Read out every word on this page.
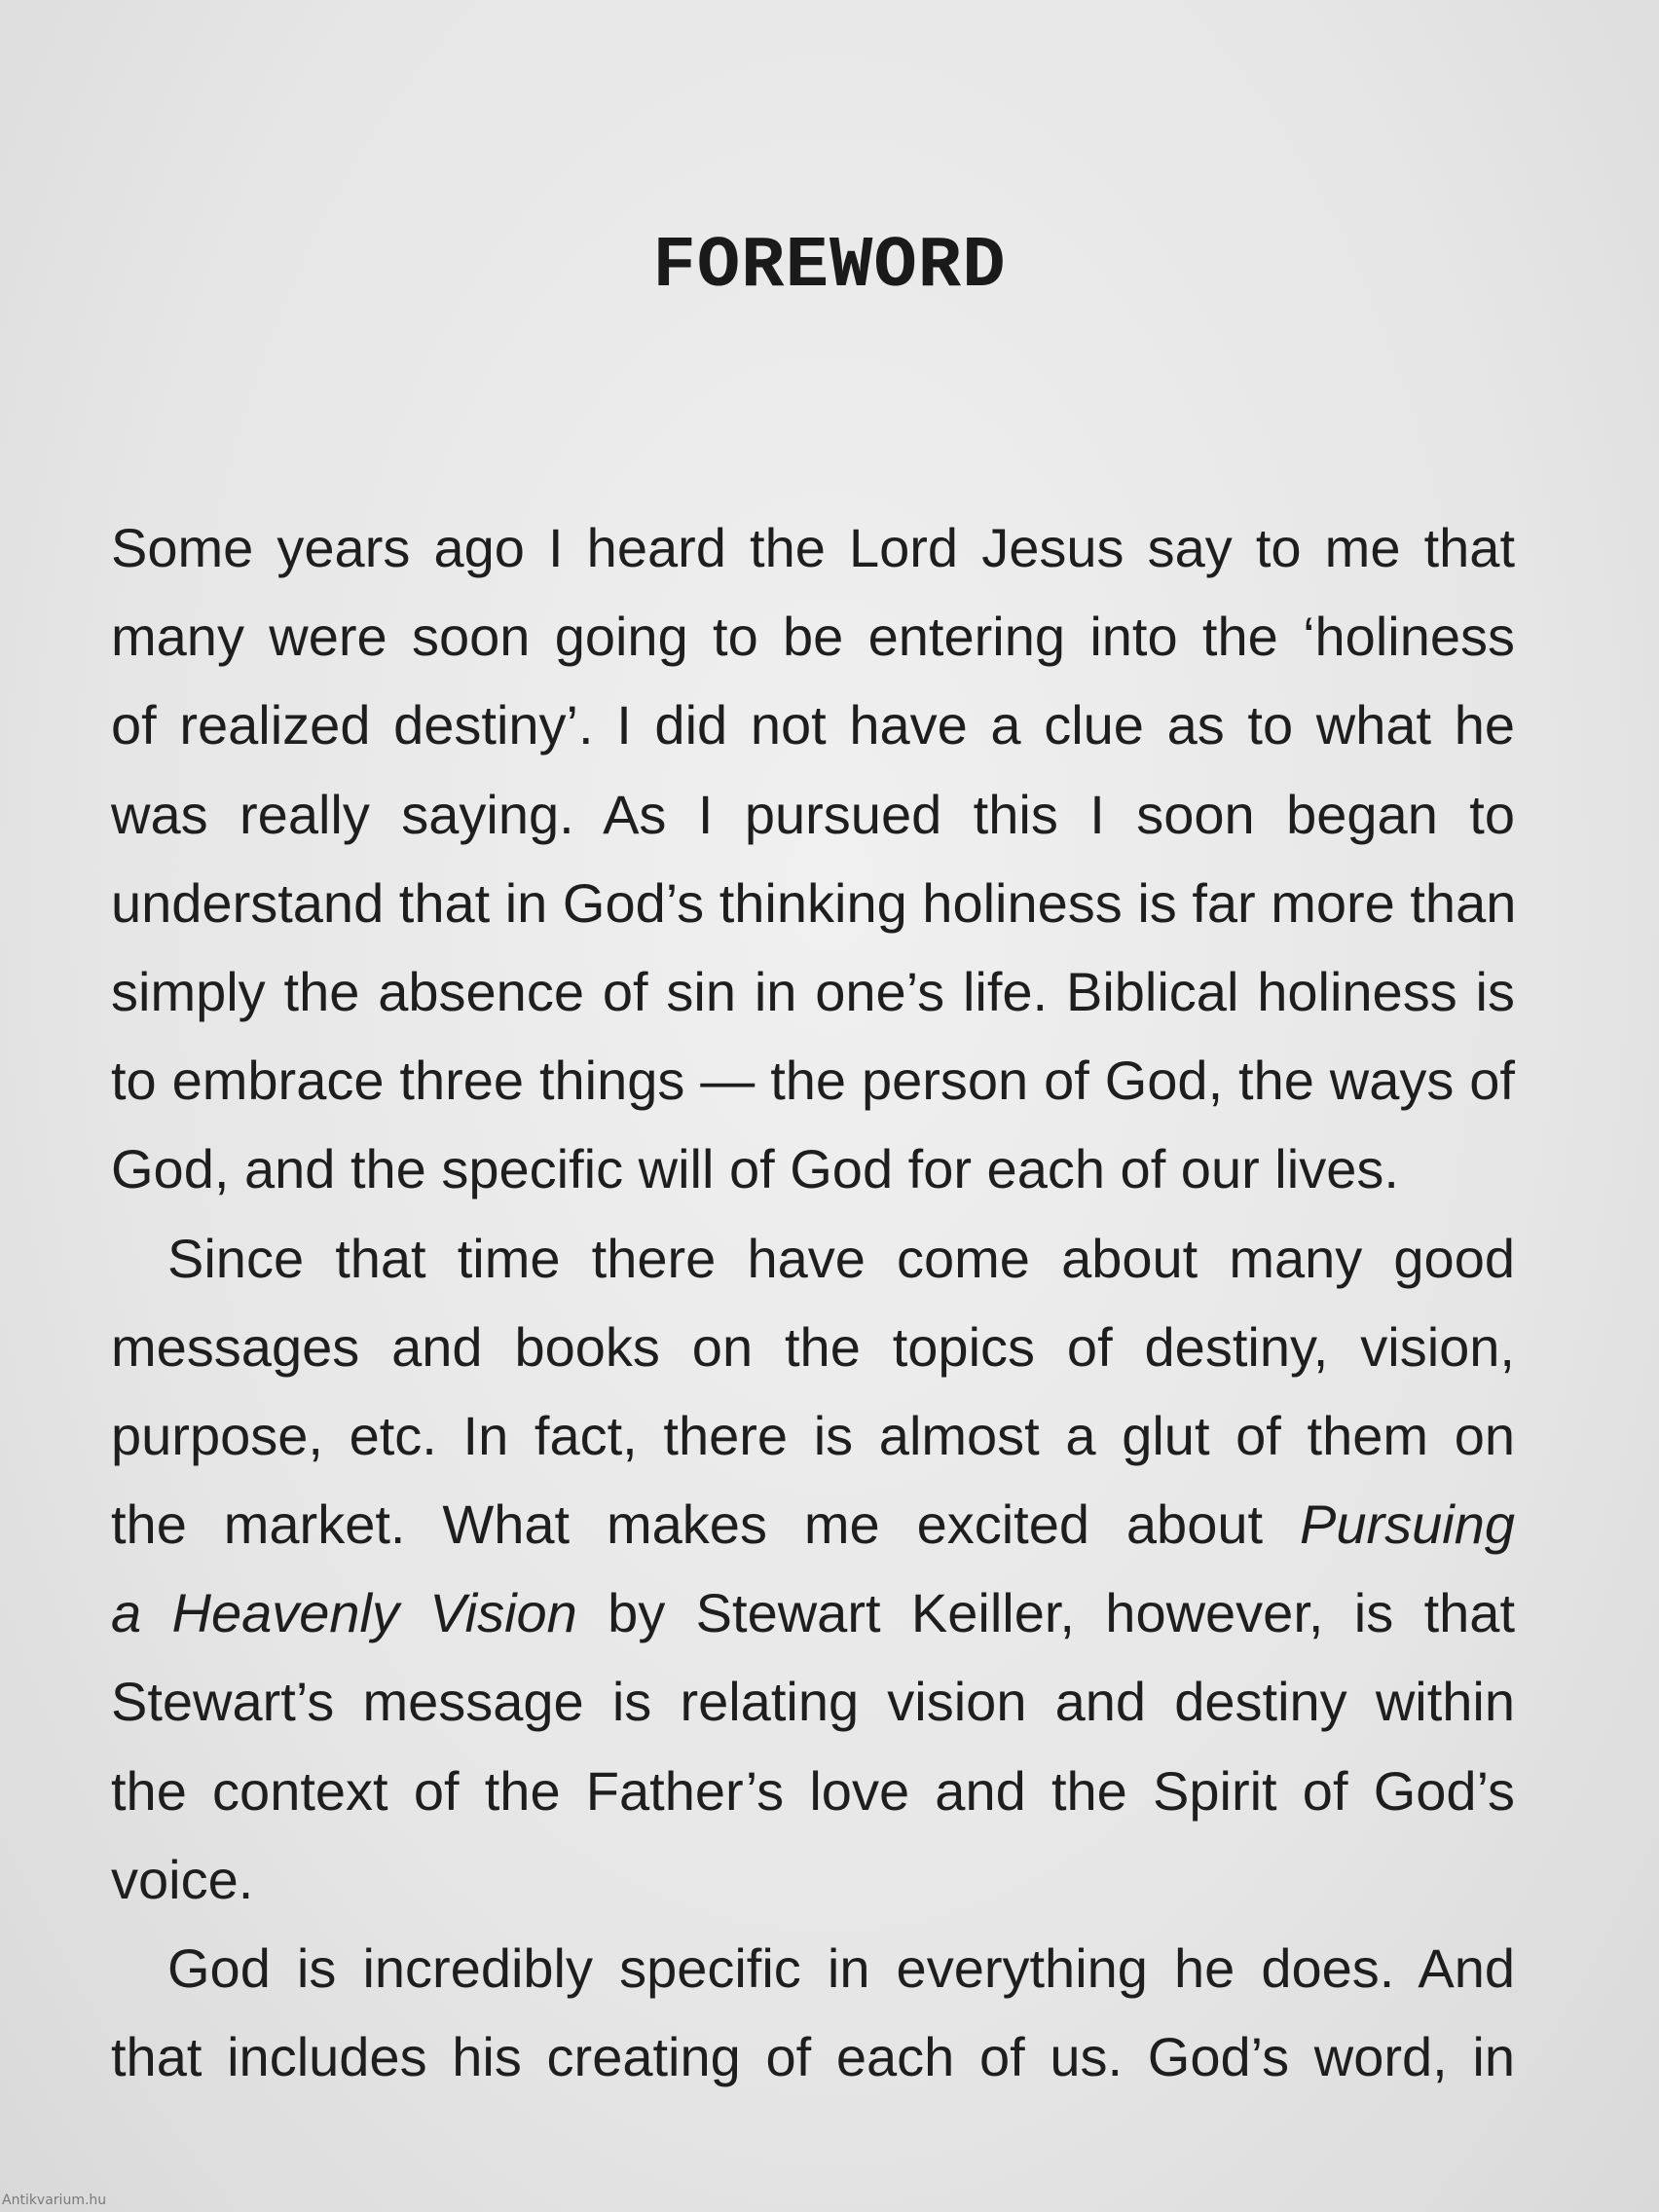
FOREWORD
Some years ago I heard the Lord Jesus say to me that
many were soon going to be entering into the ‘holiness
of realized destiny’. I did not have a clue as to what he
was really saying. As I pursued this I soon began to
understand that in God’s thinking holiness is far more than
simply the absence of sin in one’s life. Biblical holiness is
to embrace three things — the person of God, the ways of
God, and the specific will of God for each of our lives.
Since that time there have come about many good
messages and books on the topics of destiny, vision,
purpose, etc. In fact, there is almost a glut of them on
the market. What makes me excited about Pursuing
a Heavenly Vision by Stewart Keiller, however, is that
Stewart’s message is relating vision and destiny within
the context of the Father’s love and the Spirit of God’s
voice.
God is incredibly specific in everything he does. And
that includes his creating of each of us. God’s word, in
Antikvarium.hu
